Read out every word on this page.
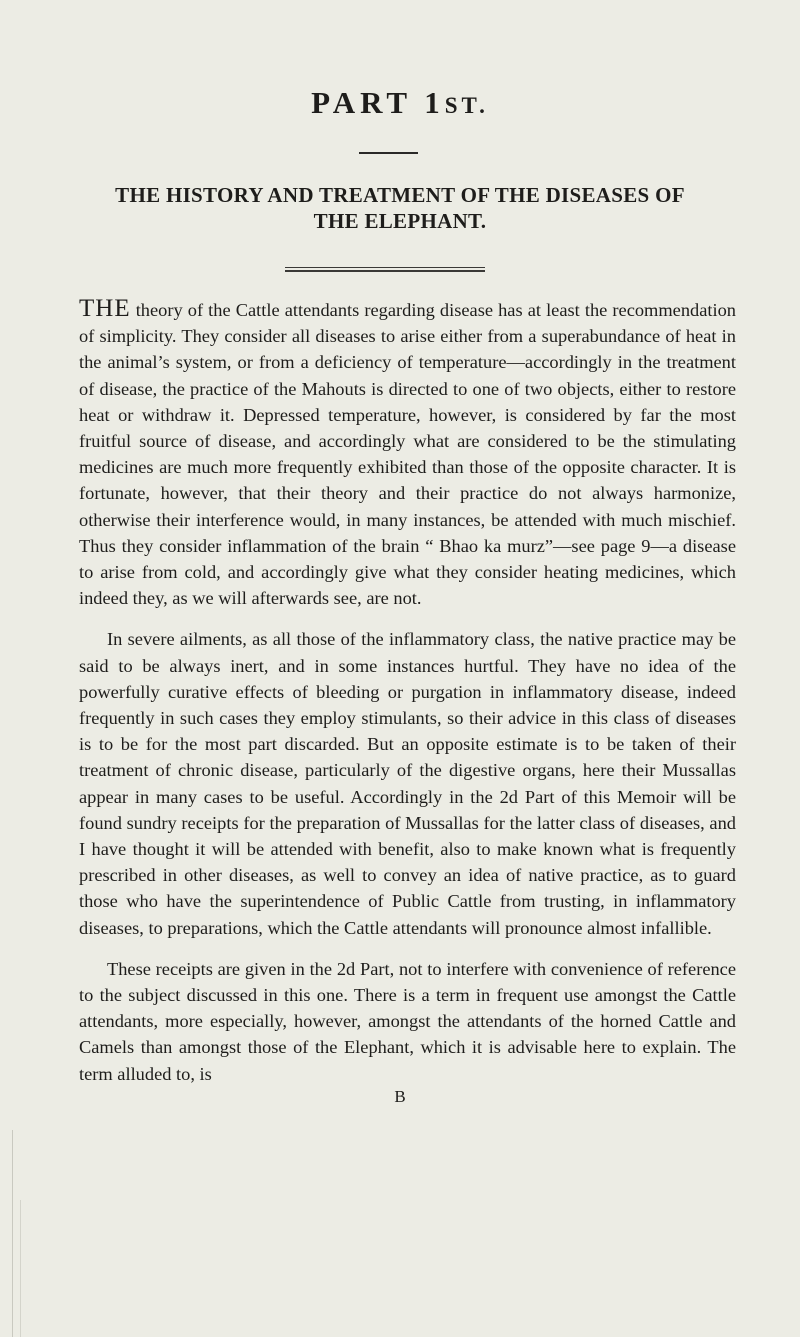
PART 1ST.
THE HISTORY AND TREATMENT OF THE DISEASES OF
THE ELEPHANT.

THE theory of the Cattle attendants regarding disease has at least the recommendation of simplicity. They consider all diseases to arise either from a superabundance of heat in the animal’s system, or from a deficiency of temperature—accordingly in the treatment of disease, the practice of the Mahouts is directed to one of two objects, either to restore heat or withdraw it. Depressed temperature, however, is considered by far the most fruitful source of disease, and accordingly what are considered to be the stimulating medicines are much more frequently exhibited than those of the opposite character. It is fortunate, however, that their theory and their practice do not always harmonize, otherwise their interference would, in many instances, be attended with much mischief. Thus they consider inflammation of the brain “ Bhao ka murz”—see page 9—a disease to arise from cold, and accordingly give what they consider heating medicines, which indeed they, as we will afterwards see, are not.

In severe ailments, as all those of the inflammatory class, the native practice may be said to be always inert, and in some instances hurtful. They have no idea of the powerfully curative effects of bleeding or purgation in inflammatory disease, indeed frequently in such cases they employ stimulants, so their advice in this class of diseases is to be for the most part discarded. But an opposite estimate is to be taken of their treatment of chronic disease, particularly of the digestive organs, here their Mussallas appear in many cases to be useful. Accordingly in the 2d Part of this Memoir will be found sundry receipts for the preparation of Mussallas for the latter class of diseases, and I have thought it will be attended with benefit, also to make known what is frequently prescribed in other diseases, as well to convey an idea of native practice, as to guard those who have the superintendence of Public Cattle from trusting, in inflammatory diseases, to preparations, which the Cattle attendants will pronounce almost infallible.

These receipts are given in the 2d Part, not to interfere with convenience of reference to the subject discussed in this one. There is a term in frequent use amongst the Cattle attendants, more especially, however, amongst the attendants of the horned Cattle and Camels than amongst those of the Elephant, which it is advisable here to explain. The term alluded to, is

B
